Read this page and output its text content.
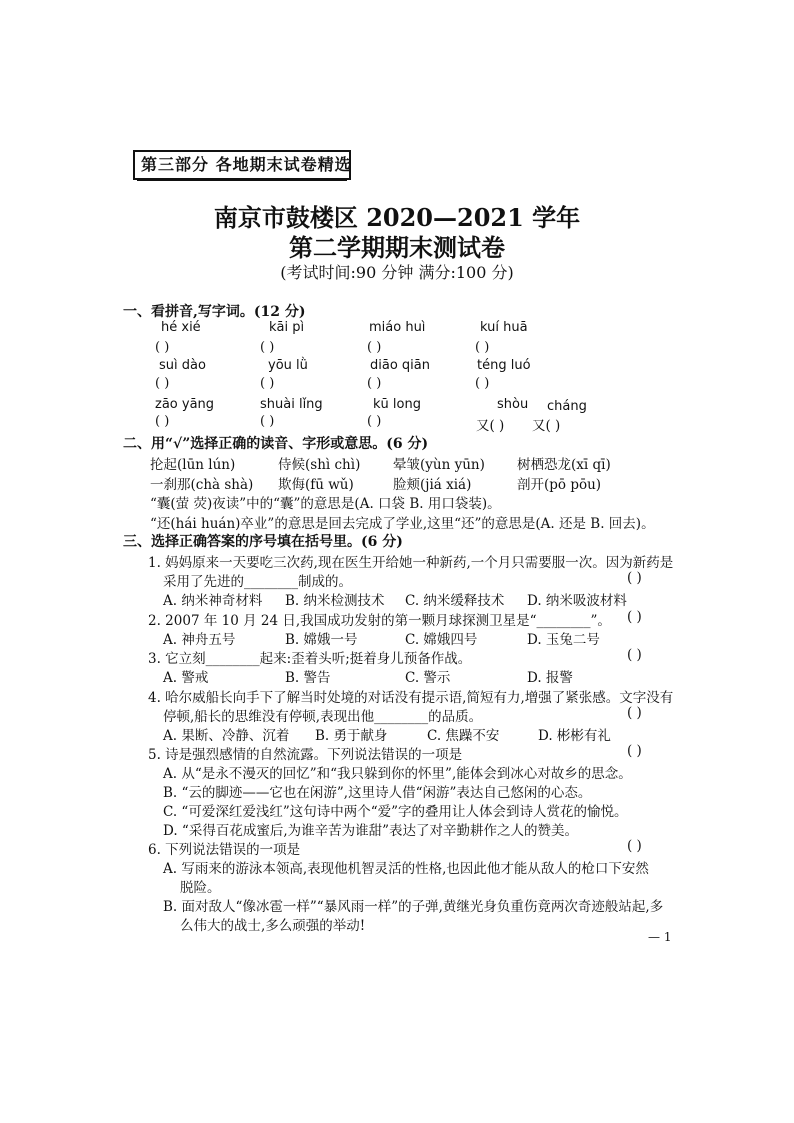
第三部分 各地期末试卷精选
南京市鼓楼区 2020—2021 学年
第二学期期末测试卷
(考试时间:90 分钟 满分:100 分)
一、看拼音,写字词。(12 分)
hé xié	kāi pì	miáo huì	kuí huā
( )	( )	( )	( )
suì dào	yōu lǜ	diāo qiān	téng luó
( )	( )	( )	( )
zāo yāng	shuài lǐng	kū long	shòu cháng
( )	( )	( )	又( ) 又( )
二、用“√”选择正确的读音、字形或意思。(6 分)
抡起(lūn lún)	侍候(shì chì) 晕皱(yùn yūn) 树栖恐龙(xī qī)
一刹那(chà shà) 欺侮(fū wǔ)	脸颊(jiá xiá)	剖开(pō pōu)
“囊(萤 荧)夜读”中的“囊”的意思是(A. 口袋 B. 用口袋装)。
“还(hái huán)卒业”的意思是回去完成了学业,这里“还”的意思是(A. 还是 B. 回去)。
三、选择正确答案的序号填在括号里。(6 分)
1. 妈妈原来一天要吃三次药,现在医生开给她一种新药,一个月只需要服一次。因为新药是
采用了先进的________制成的。	( )
A. 纳米神奇材料 B. 纳米检测技术 C. 纳米缓释技术 D. 纳米吸波材料
2. 2007 年 10 月 24 日,我国成功发射的第一颗月球探测卫星是“________”。 ( )
A. 神舟五号	B. 嫦娥一号	C. 嫦娥四号	D. 玉兔二号
3. 它立刻________起来:歪着头听;挺着身儿预备作战。	( )
A. 警戒	B. 警告	C. 警示	D. 报警
4. 哈尔威船长向手下了解当时处境的对话没有提示语,简短有力,增强了紧张感。文字没有
停顿,船长的思维没有停顿,表现出他________的品质。	( )
A. 果断、冷静、沉着 B. 勇于献身	C. 焦躁不安	D. 彬彬有礼
5. 诗是强烈感情的自然流露。下列说法错误的一项是	( )
A. 从“是永不漫灭的回忆”和“我只躲到你的怀里”,能体会到冰心对故乡的思念。
B. “云的脚迹——它也在闲游”,这里诗人借“闲游”表达自己悠闲的心态。
C. “可爱深红爱浅红”这句诗中两个“爱”字的叠用让人体会到诗人赏花的愉悦。
D. “采得百花成蜜后,为谁辛苦为谁甜”表达了对辛勤耕作之人的赞美。
6. 下列说法错误的一项是	( )
A. 写雨来的游泳本领高,表现他机智灵活的性格,也因此他才能从敌人的枪口下安然
脱险。
B. 面对敌人“像冰雹一样”“暴风雨一样”的子弹,黄继光身负重伤竟两次奇迹般站起,多
么伟大的战士,多么顽强的举动!
— 1
